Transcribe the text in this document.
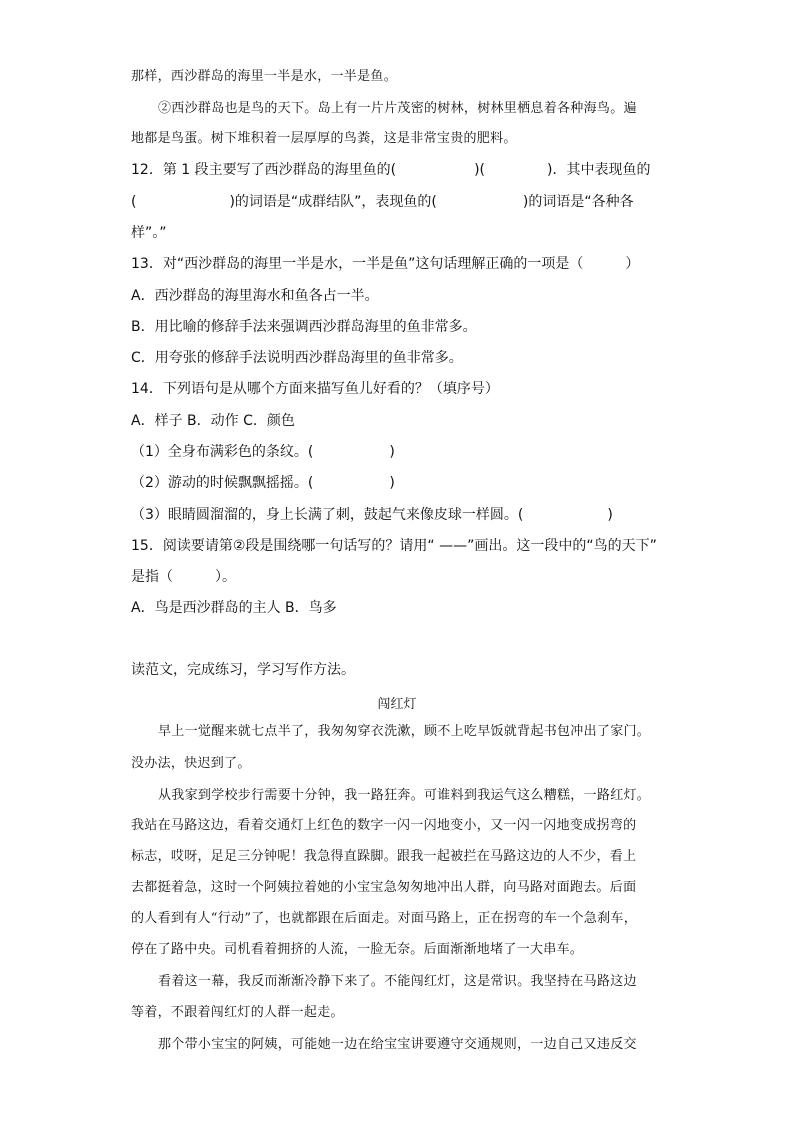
那样，西沙群岛的海里一半是水，一半是鱼。
②西沙群岛也是鸟的天下。岛上有一片片茂密的树林，树林里栖息着各种海鸟。遍
地都是鸟蛋。树下堆积着一层厚厚的鸟粪，这是非常宝贵的肥料。
12．第 1 段主要写了西沙群岛的海里鱼的(	)(	)．其中表现鱼的
(	)的词语是“成群结队”，表现鱼的(	)的词语是“各种各
样”。”
13．对“西沙群岛的海里一半是水，一半是鱼”这句话理解正确的一项是（　　　）
A．西沙群岛的海里海水和鱼各占一半。
B．用比喻的修辞手法来强调西沙群岛海里的鱼非常多。
C．用夸张的修辞手法说明西沙群岛海里的鱼非常多。
14．下列语句是从哪个方面来描写鱼儿好看的？（填序号）
A．样子 B．动作 C．颜色
（1）全身布满彩色的条纹。(	)
（2）游动的时候飘飘摇摇。(	)
（3）眼睛圆溜溜的，身上长满了刺，鼓起气来像皮球一样圆。(	)
15．阅读要请第②段是围绕哪一句话写的？请用“ ——”画出。这一段中的“鸟的天下”
是指（　　　）。
A．鸟是西沙群岛的主人 B．鸟多
读范文，完成练习，学习写作方法。
闯红灯
早上一觉醒来就七点半了，我匆匆穿衣洗漱，顾不上吃早饭就背起书包冲出了家门。
没办法，快迟到了。
从我家到学校步行需要十分钟，我一路狂奔。可谁料到我运气这么糟糕，一路红灯。
我站在马路这边，看着交通灯上红色的数字一闪一闪地变小，又一闪一闪地变成拐弯的
标志，哎呀，足足三分钟呢！我急得直跺脚。跟我一起被拦在马路这边的人不少，看上
去都挺着急，这时一个阿姨拉着她的小宝宝急匆匆地冲出人群，向马路对面跑去。后面
的人看到有人“行动”了，也就都跟在后面走。对面马路上，正在拐弯的车一个急刹车，
停在了路中央。司机看着拥挤的人流，一脸无奈。后面渐渐地堵了一大串车。
看着这一幕，我反而渐渐冷静下来了。不能闯红灯，这是常识。我坚持在马路这边
等着，不跟着闯红灯的人群一起走。
那个带小宝宝的阿姨，可能她一边在给宝宝讲要遵守交通规则，一边自己又违反交
